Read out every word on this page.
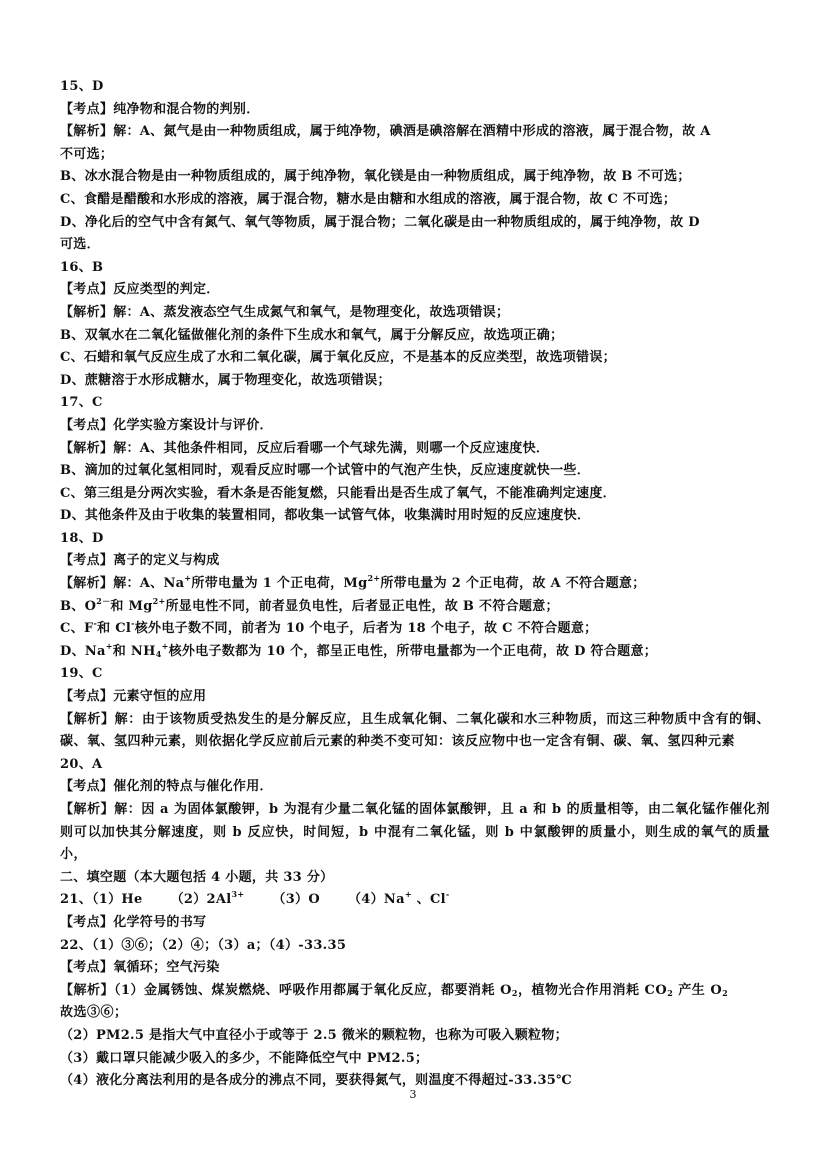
15、D
【考点】纯净物和混合物的判别．
【解析】解：A、氮气是由一种物质组成，属于纯净物，碘酒是碘溶解在酒精中形成的溶液，属于混合物，故 A
不可选；
B、冰水混合物是由一种物质组成的，属于纯净物，氧化镁是由一种物质组成，属于纯净物，故 B 不可选；
C、食醋是醋酸和水形成的溶液，属于混合物，糖水是由糖和水组成的溶液，属于混合物，故 C 不可选；
D、净化后的空气中含有氮气、氧气等物质，属于混合物；二氧化碳是由一种物质组成的，属于纯净物，故 D
可选．
16、B
【考点】反应类型的判定．
【解析】解：A、蒸发液态空气生成氮气和氧气，是物理变化，故选项错误；
B、双氧水在二氧化锰做催化剂的条件下生成水和氧气，属于分解反应，故选项正确；
C、石蜡和氧气反应生成了水和二氧化碳，属于氧化反应，不是基本的反应类型，故选项错误；
D、蔗糖溶于水形成糖水，属于物理变化，故选项错误；
17、C
【考点】化学实验方案设计与评价．
【解析】解：A、其他条件相同，反应后看哪一个气球先满，则哪一个反应速度快．
B、滴加的过氧化氢相同时，观看反应时哪一个试管中的气泡产生快，反应速度就快一些．
C、第三组是分两次实验，看木条是否能复燃，只能看出是否生成了氧气，不能准确判定速度．
D、其他条件及由于收集的装置相同，都收集一试管气体，收集满时用时短的反应速度快．
18、D
【考点】离子的定义与构成
【解析】解：A、Na+所带电量为 1 个正电荷，$Mg^{2+}$所带电量为 2 个正电荷，故 A 不符合题意；
B、$O^{2-}$和 $Mg^{2+}$所显电性不同，前者显负电性，后者显正电性，故 B 不符合题意；
C、F-和 Cl-核外电子数不同，前者为 10 个电子，后者为 18 个电子，故 C 不符合题意；
D、Na+和 $NH_4^+$核外电子数都为 10 个，都呈正电性，所带电量都为一个正电荷，故 D 符合题意；
19、C
【考点】元素守恒的应用
【解析】解：由于该物质受热发生的是分解反应，且生成氧化铜、二氧化碳和水三种物质，而这三种物质中含有的铜、碳、氧、氢四种元素，则依据化学反应前后元素的种类不变可知：该反应物中也一定含有铜、碳、氧、氢四种元素
20、A
【考点】催化剂的特点与催化作用．
【解析】解：因 a 为固体氯酸钾，b 为混有少量二氧化锰的固体氯酸钾，且 a 和 b 的质量相等，由二氧化锰作催化剂则可以加快其分解速度，则 b 反应快，时间短，b 中混有二氧化锰，则 b 中氯酸钾的质量小，则生成的氧气的质量小，
二、填空题（本大题包括 4 小题，共 33 分）
21、（1）He $(2)2Al^{3+}$ （3）O （4）Na+ 、Cl-
【考点】化学符号的书写
22、（1）③⑥；（2）④；（3）a；（4）-33.35
【考点】氧循环；空气污染
【解析】（1）金属锈蚀、煤炭燃烧、呼吸作用都属于氧化反应，都要消耗 $O_2$，植物光合作用消耗 $CO_2$ 产生 $O_2$
故选③⑥；
（2）PM2.5 是指大气中直径小于或等于 2.5 微米的颗粒物，也称为可吸入颗粒物；
（3）戴口罩只能减少吸入的多少，不能降低空气中 PM2.5；
（4）液化分离法利用的是各成分的沸点不同，要获得氮气，则温度不得超过-33.35℃
3
